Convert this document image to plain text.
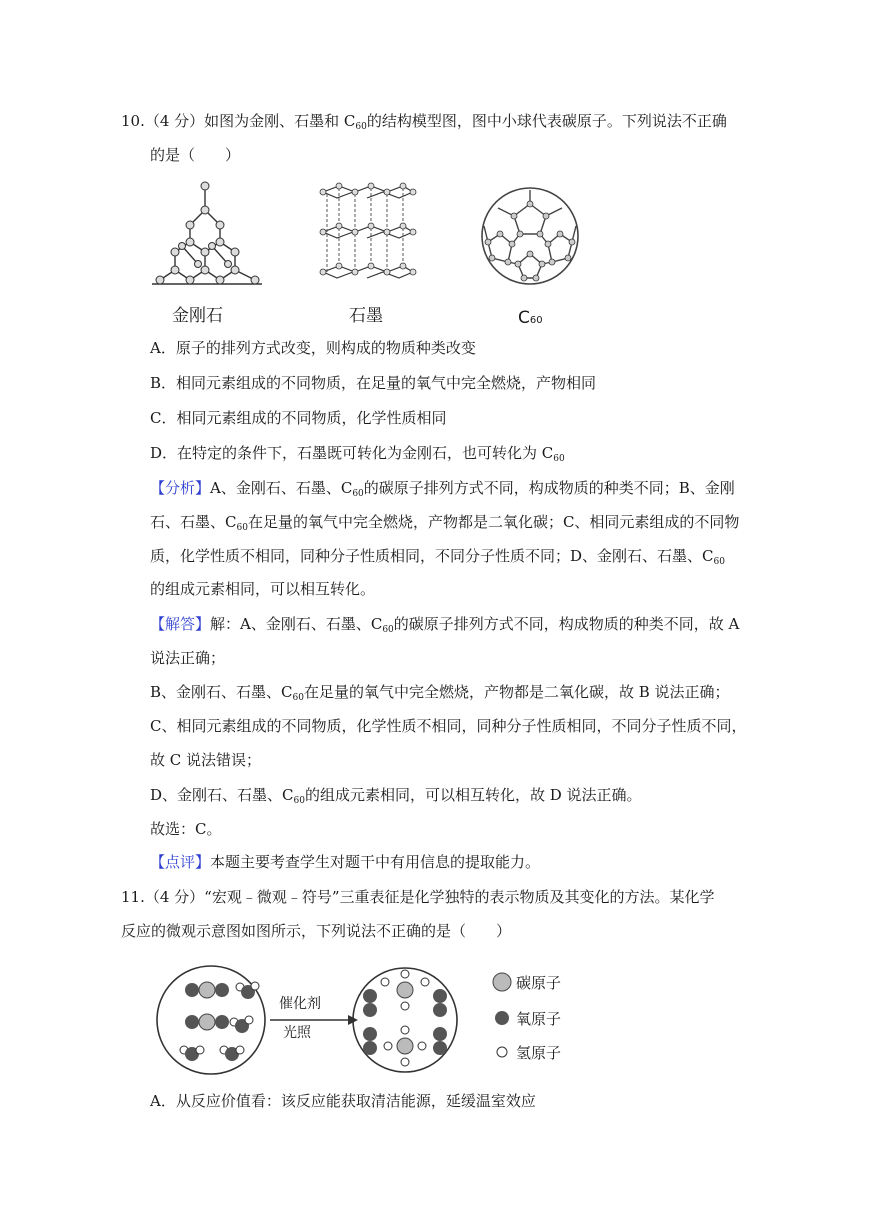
10.（4 分）如图为金刚、石墨和 $C_{60}$的结构模型图，图中小球代表碳原子。下列说法不正确
的是（　　）
金刚石	石墨	C60
A．原子的排列方式改变，则构成的物质种类改变
B．相同元素组成的不同物质，在足量的氧气中完全燃烧，产物相同
C．相同元素组成的不同物质，化学性质相同
D．在特定的条件下，石墨既可转化为金刚石，也可转化为 $C_{60}$
【分析】A、金刚石、石墨、$C_{60}$的碳原子排列方式不同，构成物质的种类不同；B、金刚
石、石墨、$C_{60}$在足量的氧气中完全燃烧，产物都是二氧化碳；C、相同元素组成的不同物
质，化学性质不相同，同种分子性质相同，不同分子性质不同；D、金刚石、石墨、$C_{60}$
的组成元素相同，可以相互转化。
【解答】解：A、金刚石、石墨、$C_{60}$的碳原子排列方式不同，构成物质的种类不同，故 A
说法正确；
B、金刚石、石墨、$C_{60}$在足量的氧气中完全燃烧，产物都是二氧化碳，故 B 说法正确；
C、相同元素组成的不同物质，化学性质不相同，同种分子性质相同，不同分子性质不同，
故 C 说法错误；
D、金刚石、石墨、$C_{60}$的组成元素相同，可以相互转化，故 D 说法正确。
故选：C。
【点评】本题主要考查学生对题干中有用信息的提取能力。
11.（4 分）“宏观﹣微观﹣符号”三重表征是化学独特的表示物质及其变化的方法。某化学
反应的微观示意图如图所示，下列说法不正确的是（　　）
催化剂
光照
碳原子
氧原子
氢原子
A．从反应价值看：该反应能获取清洁能源，延缓温室效应
